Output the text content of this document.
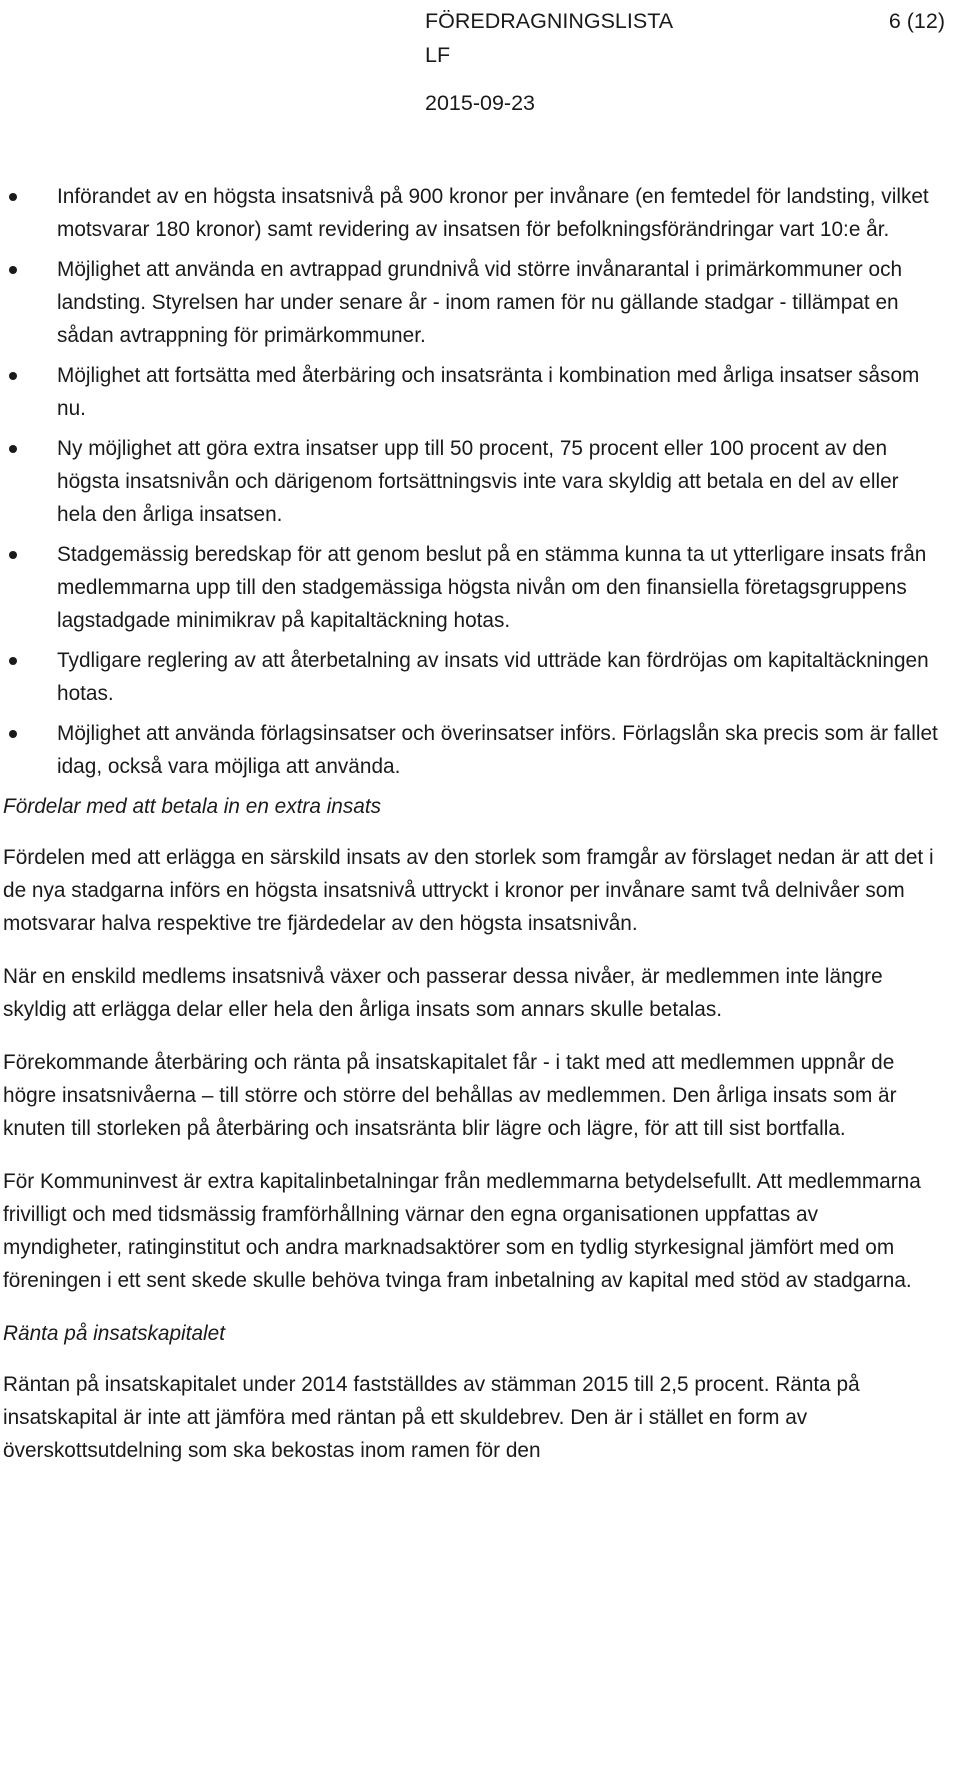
FÖREDRAGNINGSLISTA	6 (12)
LF
2015-09-23
Införandet av en högsta insatsnivå på 900 kronor per invånare (en femtedel för landsting, vilket motsvarar 180 kronor) samt revidering av insatsen för befolkningsförändringar vart 10:e år.
Möjlighet att använda en avtrappad grundnivå vid större invånarantal i primärkommuner och landsting. Styrelsen har under senare år - inom ramen för nu gällande stadgar - tillämpat en sådan avtrappning för primärkommuner.
Möjlighet att fortsätta med återbäring och insatsränta i kombination med årliga insatser såsom nu.
Ny möjlighet att göra extra insatser upp till 50 procent, 75 procent eller 100 procent av den högsta insatsnivån och därigenom fortsättningsvis inte vara skyldig att betala en del av eller hela den årliga insatsen.
Stadgemässig beredskap för att genom beslut på en stämma kunna ta ut ytterligare insats från medlemmarna upp till den stadgemässiga högsta nivån om den finansiella företagsgruppens lagstadgade minimikrav på kapitaltäckning hotas.
Tydligare reglering av att återbetalning av insats vid utträde kan fördröjas om kapitaltäckningen hotas.
Möjlighet att använda förlagsinsatser och överinsatser införs. Förlagslån ska precis som är fallet idag, också vara möjliga att använda.
Fördelar med att betala in en extra insats

Fördelen med att erlägga en särskild insats av den storlek som framgår av förslaget nedan är att det i de nya stadgarna införs en högsta insatsnivå uttryckt i kronor per invånare samt två delnivåer som motsvarar halva respektive tre fjärdedelar av den högsta insatsnivån.

När en enskild medlems insatsnivå växer och passerar dessa nivåer, är medlemmen inte längre skyldig att erlägga delar eller hela den årliga insats som annars skulle betalas.

Förekommande återbäring och ränta på insatskapitalet får - i takt med att medlemmen uppnår de högre insatsnivåerna – till större och större del behållas av medlemmen. Den årliga insats som är knuten till storleken på återbäring och insatsränta blir lägre och lägre, för att till sist bortfalla.

För Kommuninvest är extra kapitalinbetalningar från medlemmarna betydelsefullt. Att medlemmarna frivilligt och med tidsmässig framförhållning värnar den egna organisationen uppfattas av myndigheter, ratinginstitut och andra marknadsaktörer som en tydlig styrkesignal jämfört med om föreningen i ett sent skede skulle behöva tvinga fram inbetalning av kapital med stöd av stadgarna.

Ränta på insatskapitalet

Räntan på insatskapitalet under 2014 fastställdes av stämman 2015 till 2,5 procent. Ränta på insatskapital är inte att jämföra med räntan på ett skuldebrev. Den är i stället en form av överskottsutdelning som ska bekostas inom ramen för den
